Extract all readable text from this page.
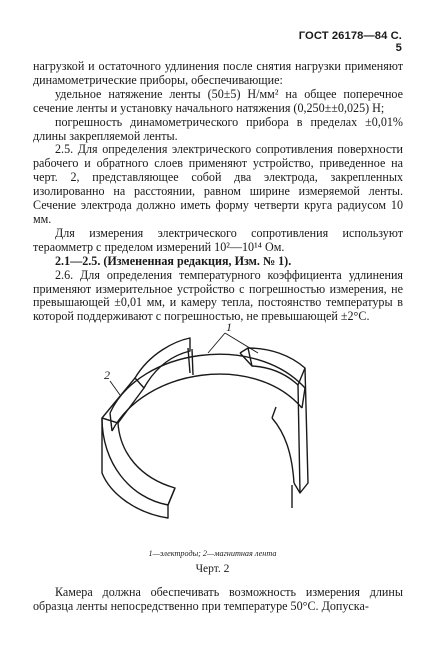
ГОСТ 26178—84 С. 5

нагрузкой и остаточного удлинения после снятия нагрузки применяют динамометрические приборы, обеспечивающие:

удельное натяжение ленты (50±5) Н/мм² на общее поперечное сечение ленты и установку начального натяжения (0,250±±0,025) Н;

погрешность динамометрического прибора в пределах ±0,01% длины закрепляемой ленты.

2.5. Для определения электрического сопротивления поверхности рабочего и обратного слоев применяют устройство, приведенное на черт. 2, представляющее собой два электрода, закрепленных изолированно на расстоянии, равном ширине измеряемой ленты. Сечение электрода должно иметь форму четверти круга радиусом 10 мм.

Для измерения электрического сопротивления используют тераомметр с пределом измерений 10²—10¹⁴ Ом.

2.1—2.5. (Измененная редакция, Изм. № 1).

2.6. Для определения температурного коэффициента удлинения применяют измерительное устройство с погрешностью измерения, не превышающей ±0,01 мм, и камеру тепла, постоянство температуры в которой поддерживают с погрешностью, не превышающей ±2°С.

1
2
1—электроды; 2—магнитная лента
Черт. 2

Камера должна обеспечивать возможность измерения длины образца ленты непосредственно при температуре 50°С. Допуска-
